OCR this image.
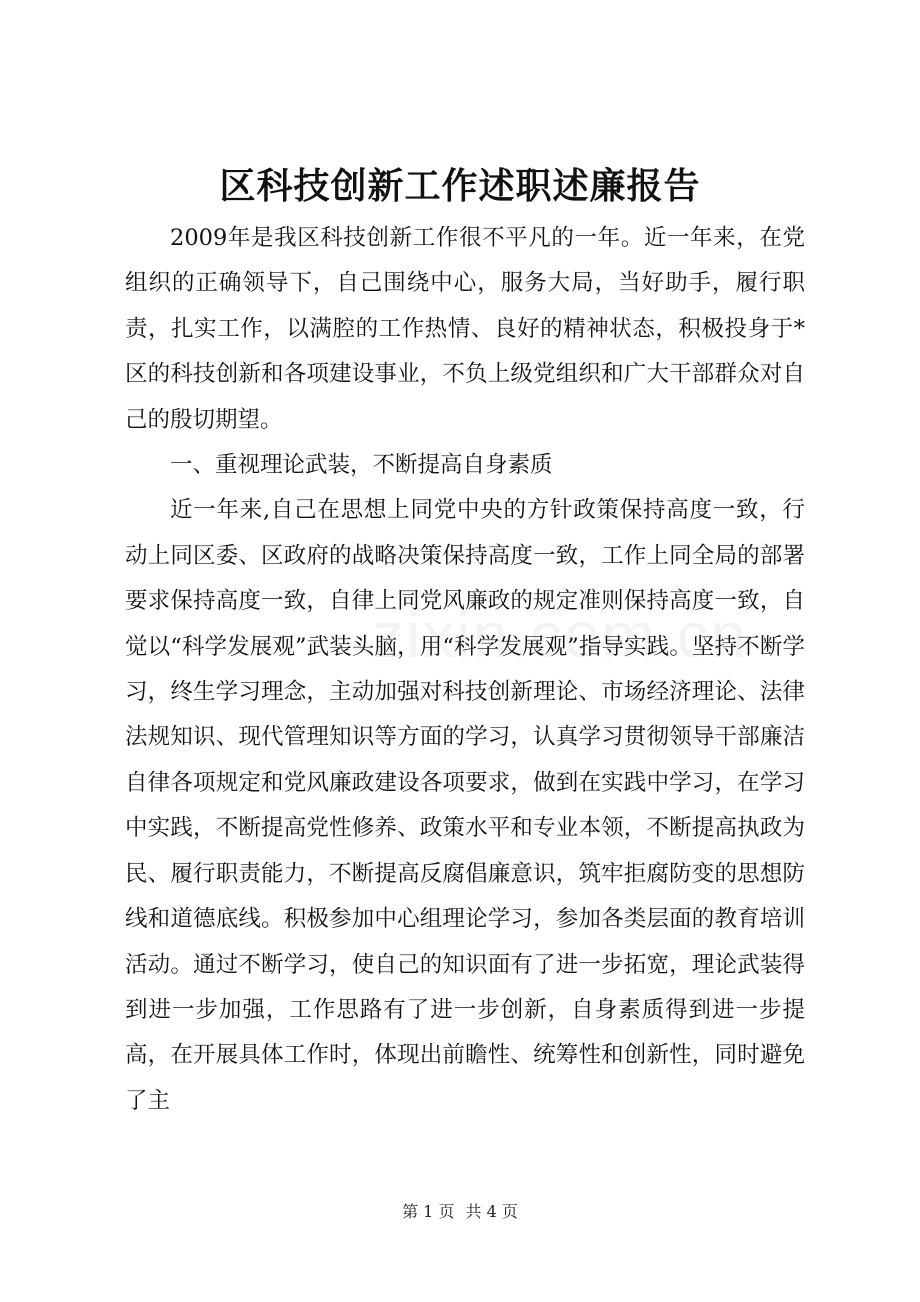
区科技创新工作述职述廉报告

2009年是我区科技创新工作很不平凡的一年。近一年来，在党组织的正确领导下，自己围绕中心，服务大局，当好助手，履行职责，扎实工作，以满腔的工作热情、良好的精神状态，积极投身于*区的科技创新和各项建设事业，不负上级党组织和广大干部群众对自己的殷切期望。

一、重视理论武装，不断提高自身素质

近一年来,自己在思想上同党中央的方针政策保持高度一致，行动上同区委、区政府的战略决策保持高度一致，工作上同全局的部署要求保持高度一致，自律上同党风廉政的规定准则保持高度一致，自觉以“科学发展观”武装头脑，用“科学发展观”指导实践。坚持不断学习，终生学习理念，主动加强对科技创新理论、市场经济理论、法律法规知识、现代管理知识等方面的学习，认真学习贯彻领导干部廉洁自律各项规定和党风廉政建设各项要求，做到在实践中学习，在学习中实践，不断提高党性修养、政策水平和专业本领，不断提高执政为民、履行职责能力，不断提高反腐倡廉意识，筑牢拒腐防变的思想防线和道德底线。积极参加中心组理论学习，参加各类层面的教育培训活动。通过不断学习，使自己的知识面有了进一步拓宽，理论武装得到进一步加强，工作思路有了进一步创新，自身素质得到进一步提高，在开展具体工作时，体现出前瞻性、统筹性和创新性，同时避免了主

第 1 页 共 4 页
